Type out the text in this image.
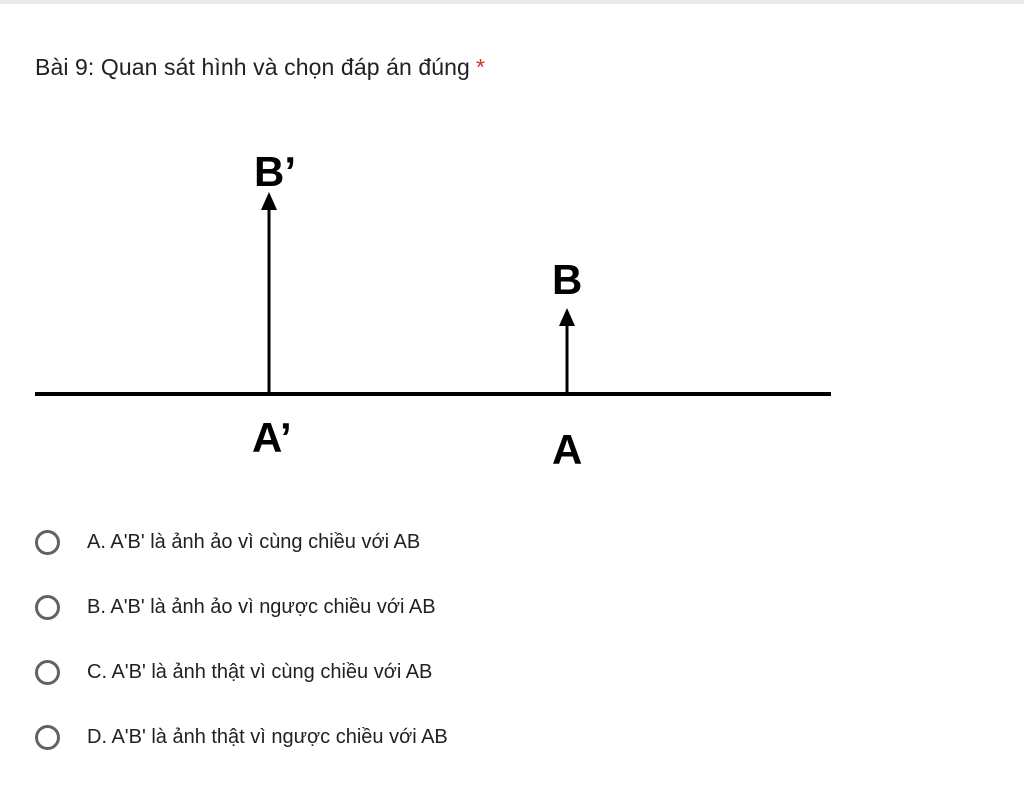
Bài 9: Quan sát hình và chọn đáp án đúng *
B’
A’
B
A
A. A'B' là ảnh ảo vì cùng chiều với AB
B. A'B' là ảnh ảo vì ngược chiều với AB
C. A'B' là ảnh thật vì cùng chiều với AB
D. A'B' là ảnh thật vì ngược chiều với AB
